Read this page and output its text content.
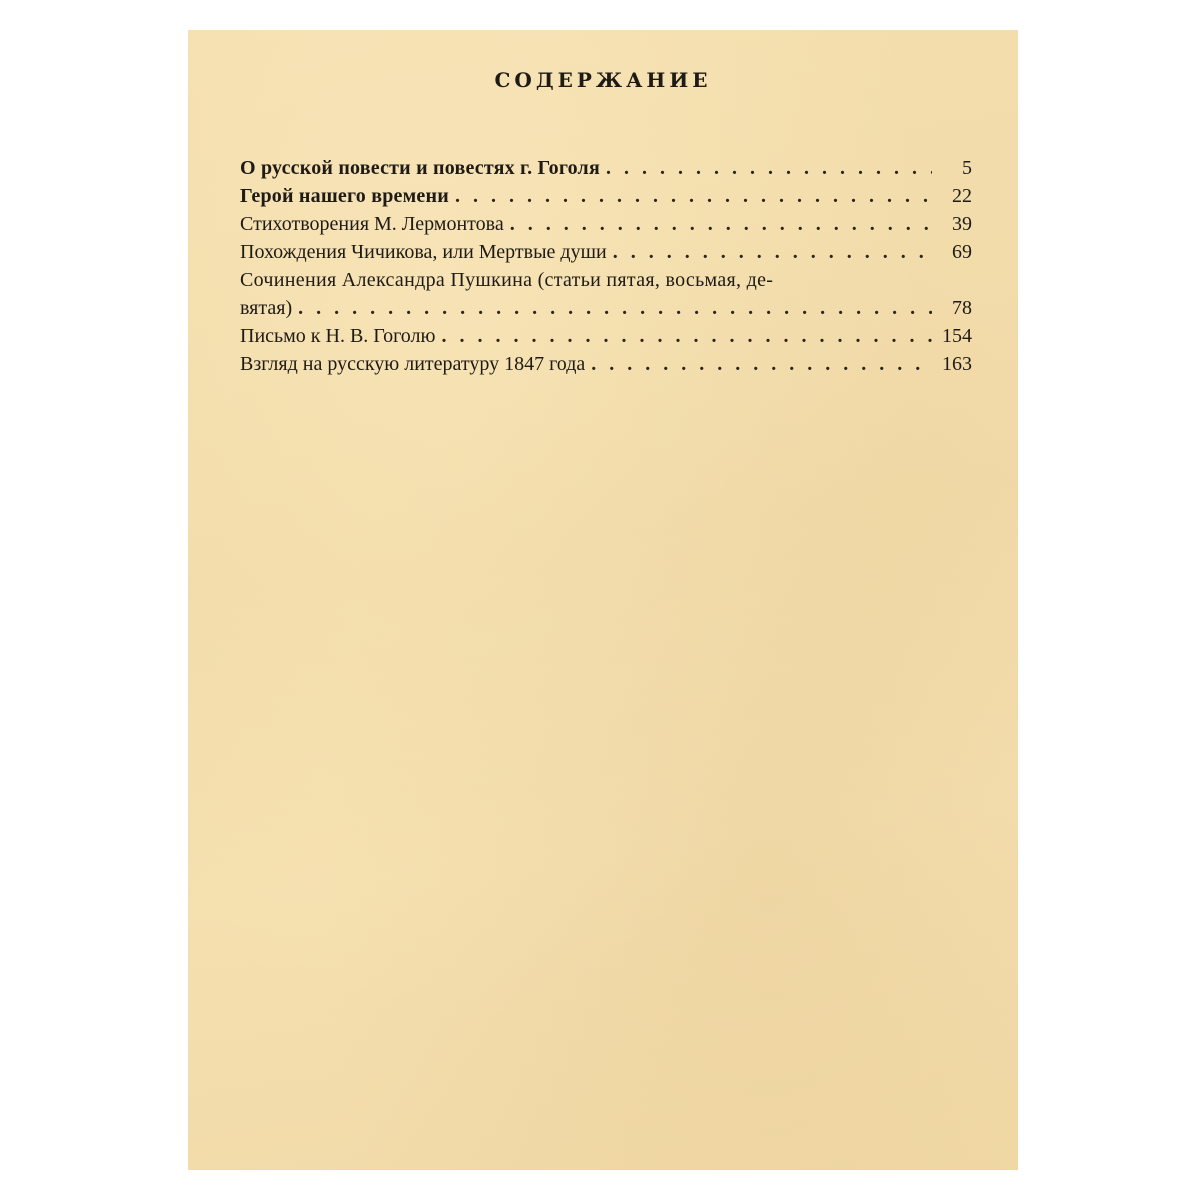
СОДЕРЖАНИЕ
О русской повести и повестях г. Гоголя . . .	5
Герой нашего времени . . .	22
Стихотворения М. Лермонтова . . .	39
Похождения Чичикова, или Мертвые души . . .	69
Сочинения Александра Пушкина (статьи пятая, восьмая, де-
вятая) . . .	78
Письмо к Н. В. Гоголю . . .	154
Взгляд на русскую литературу 1847 года . . .	163
